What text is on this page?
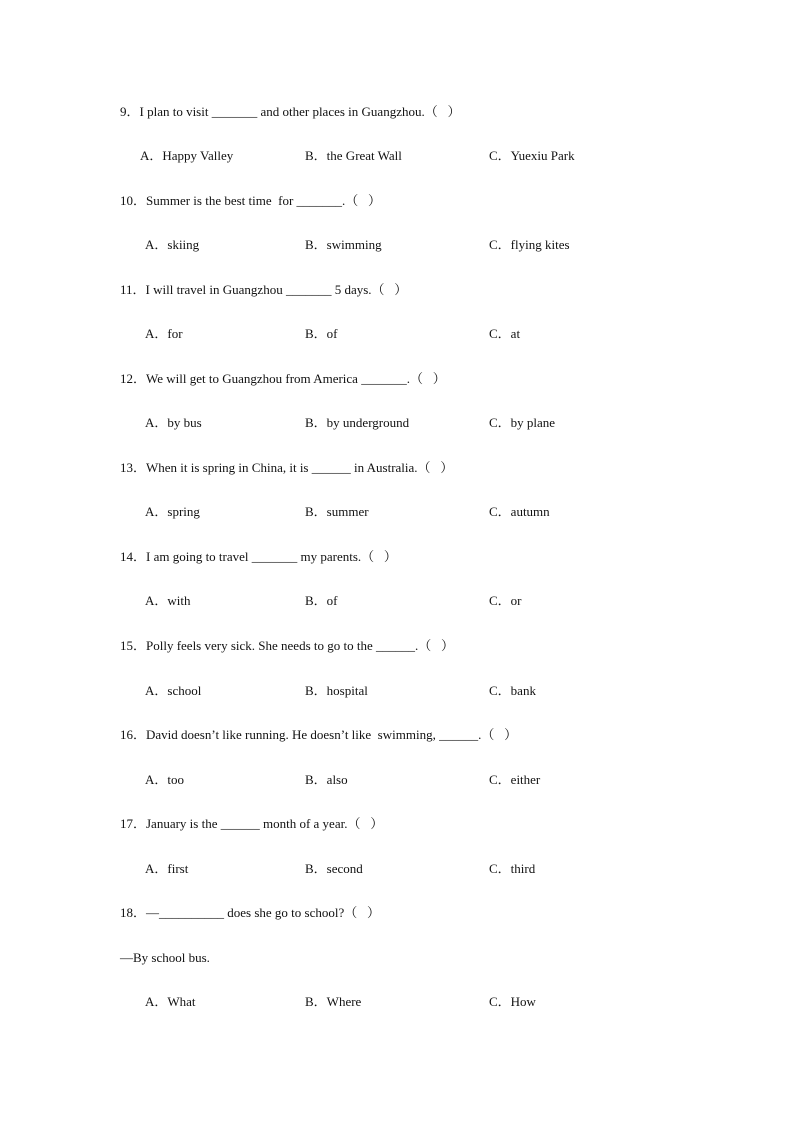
9．I plan to visit _______ and other places in Guangzhou.（   ）
A．Happy Valley	B．the Great Wall	C．Yuexiu Park
10．Summer is the best time  for _______.（   ）
A．skiing	B．swimming	C．flying kites
11．I will travel in Guangzhou _______ 5 days.（   ）
A．for	B．of	C．at
12．We will get to Guangzhou from America _______.（   ）
A．by bus	B．by underground	C．by plane
13．When it is spring in China, it is ______ in Australia.（   ）
A．spring	B．summer	C．autumn
14．I am going to travel _______ my parents.（   ）
A．with	B．of	C．or
15．Polly feels very sick. She needs to go to the ______.（   ）
A．school	B．hospital	C．bank
16．David doesn’t like running. He doesn’t like  swimming, ______.（   ）
A．too	B．also	C．either
17．January is the ______ month of a year.（   ）
A．first	B．second	C．third
18．—__________ does she go to school?（   ）
—By school bus.
A．What	B．Where	C．How
